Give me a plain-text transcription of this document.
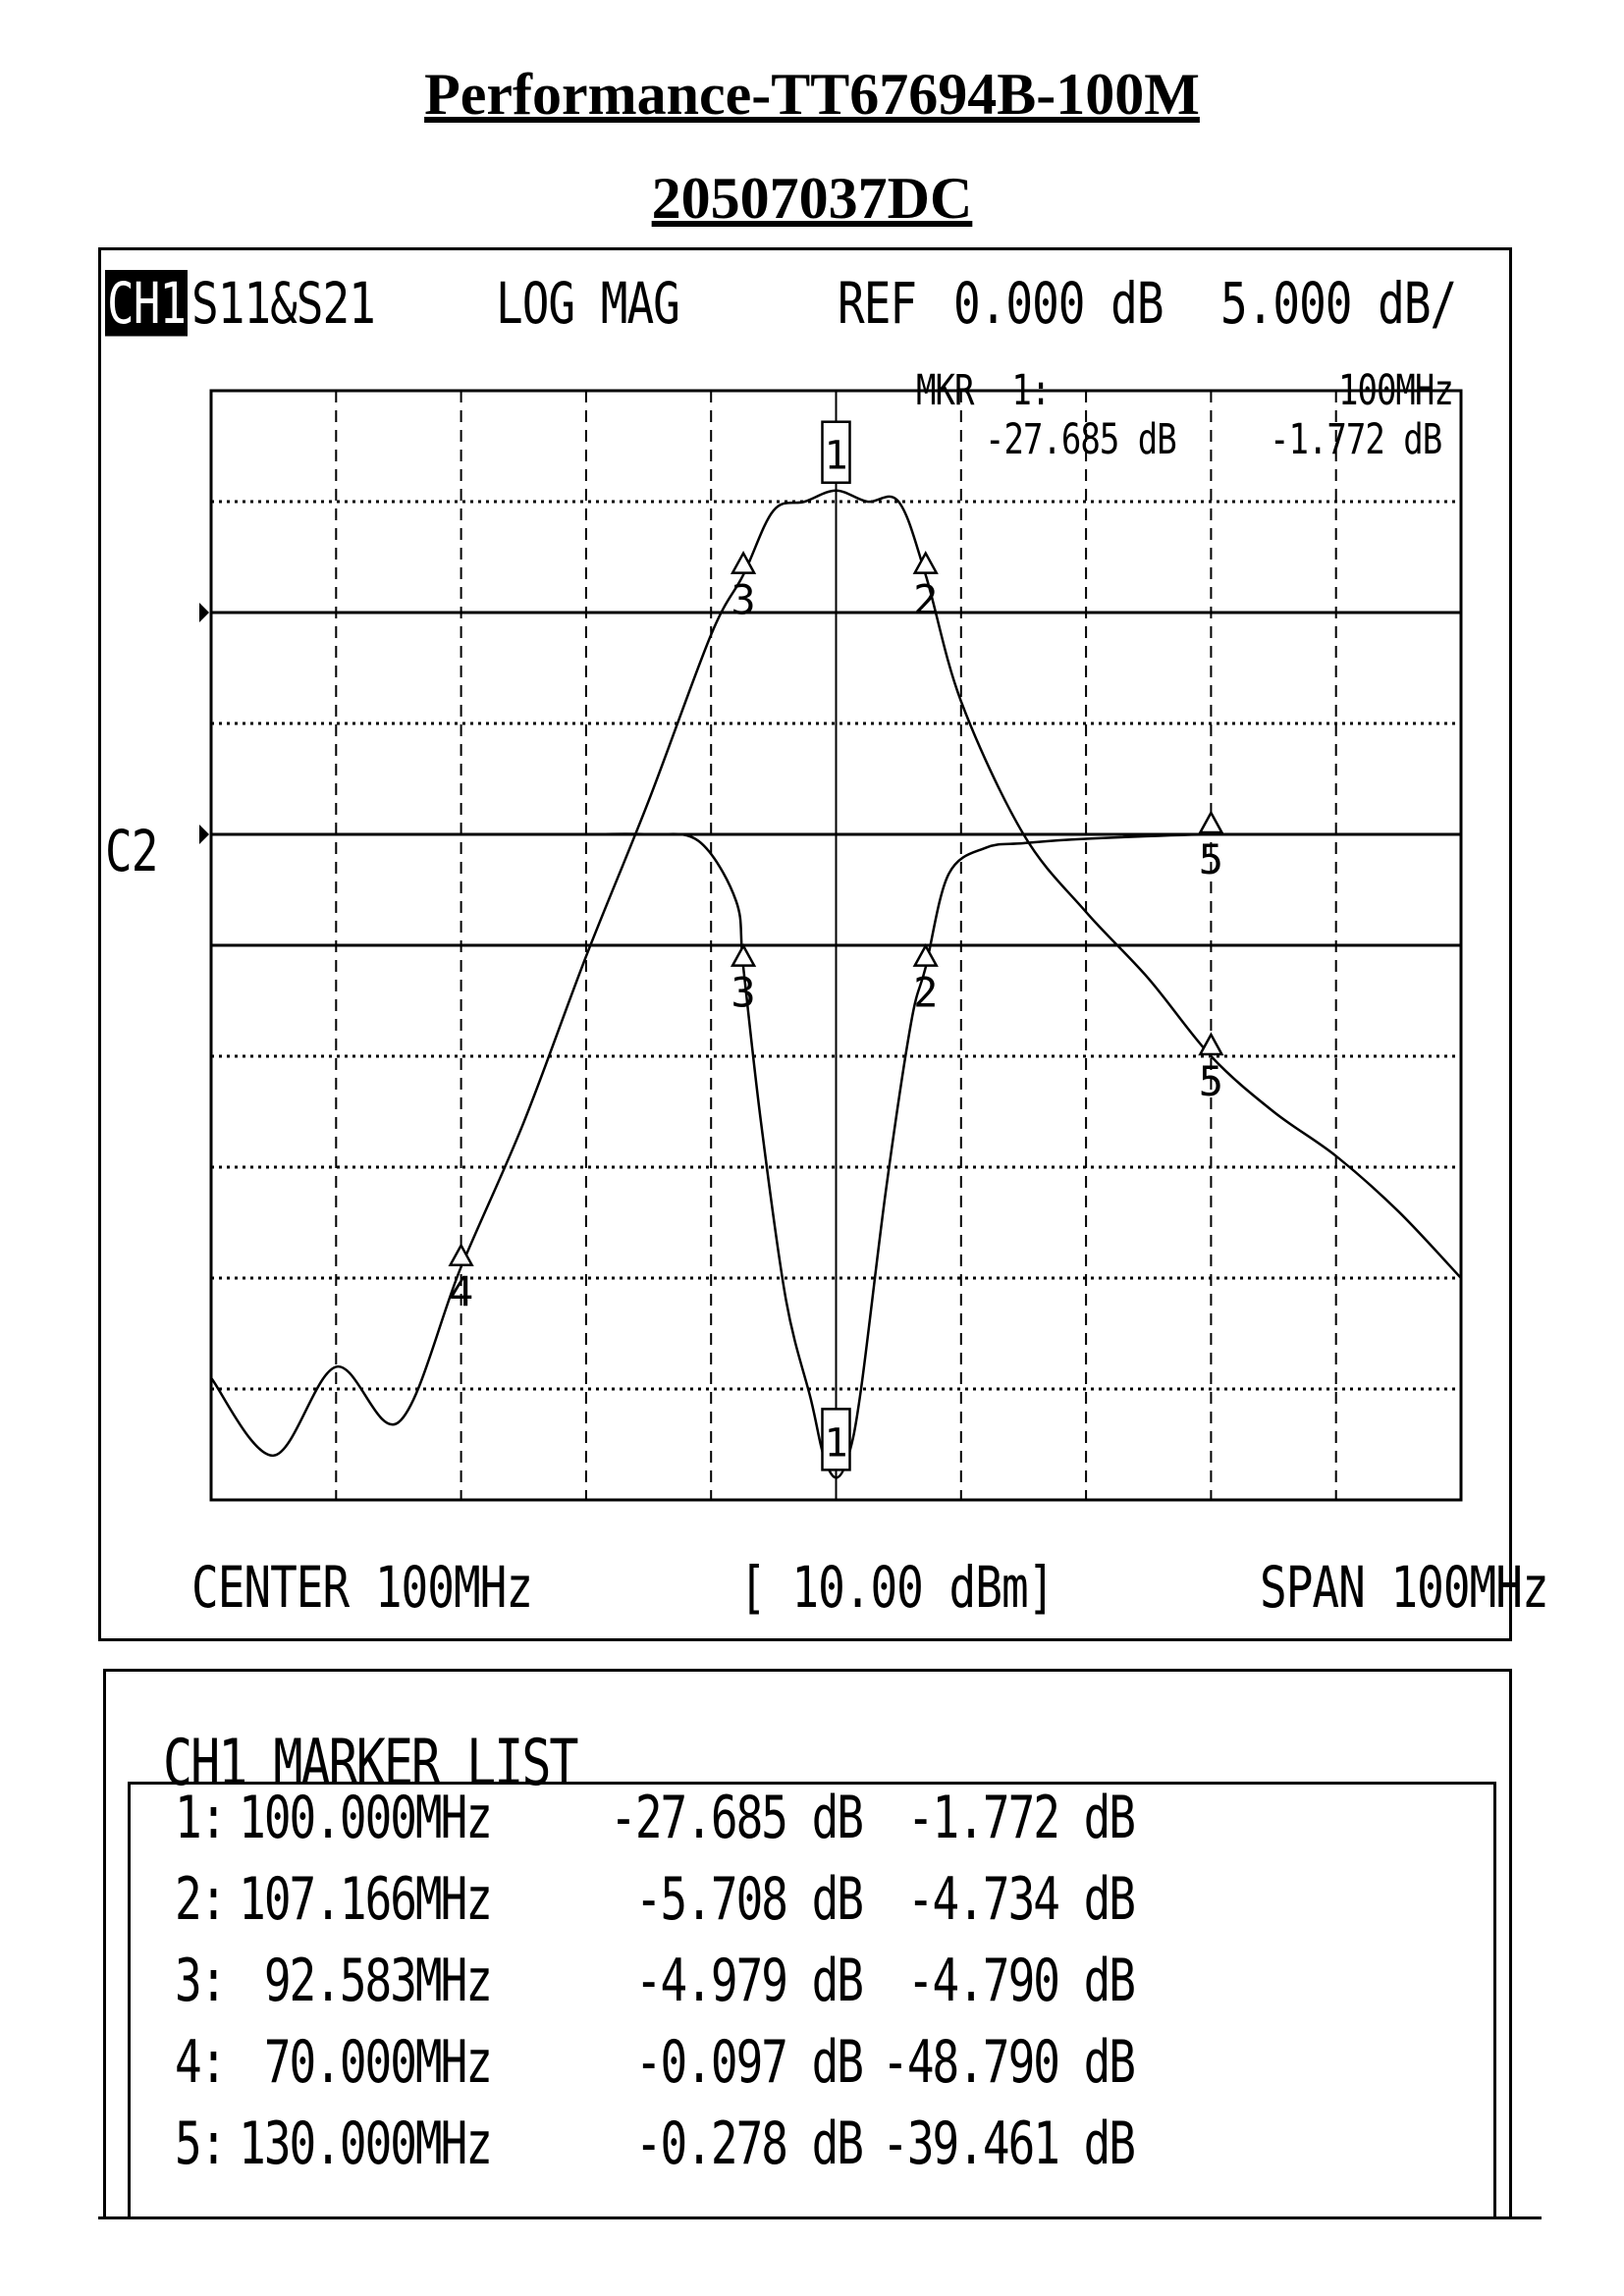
Performance-TT67694B-100M
20507037DC
CH1 S11&S21	LOG MAG	REF 0.000 dB 5.000 dB/
MKR  1:	100MHz
-27.685 dB	-1.772 dB
C2
CENTER 100MHz	[ 10.00 dBm]	SPAN 100MHz
1
2
3
4
5
1
2
3
5
1: 100.000MHz	-27.685 dB -1.772 dB
2: 107.166MHz	-5.708 dB -4.734 dB
3: 92.583MHz	-4.979 dB -4.790 dB
4: 70.000MHz	-0.097 dB -48.790 dB
5: 130.000MHz	-0.278 dB -39.461 dB
CH1 MARKER LIST
